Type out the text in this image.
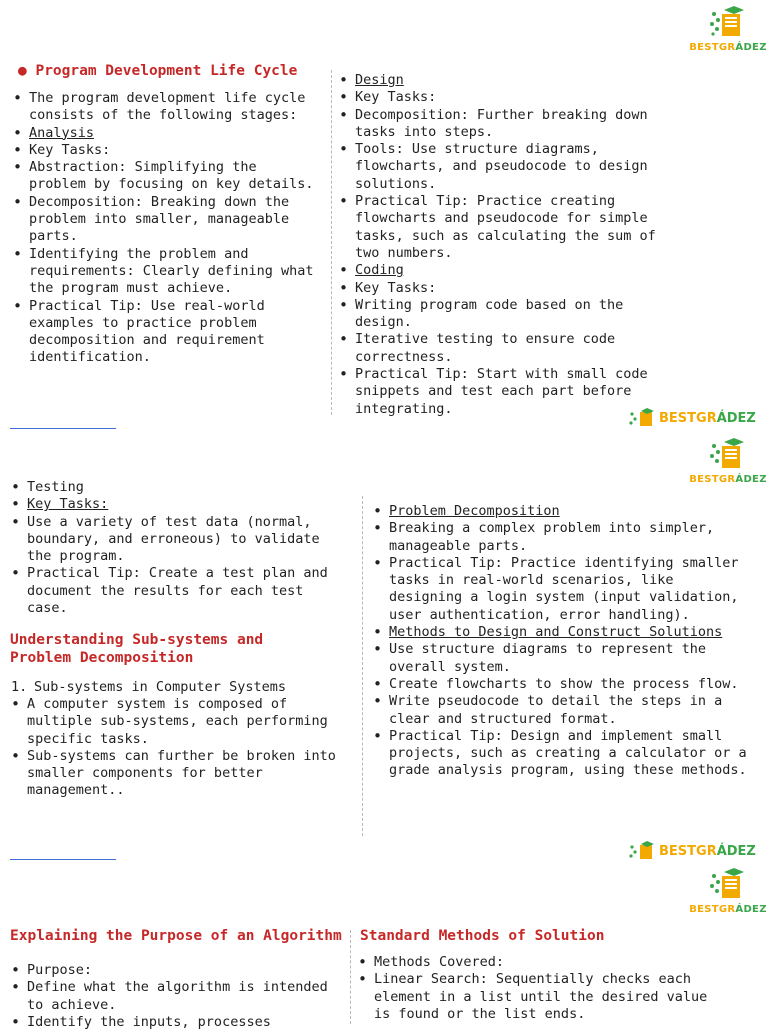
BESTGRÁDEZ
● Program Development Life Cycle
• The program development life cycle consists of the following stages:
• Analysis
• Key Tasks:
• Abstraction: Simplifying the problem by focusing on key details.
• Decomposition: Breaking down the problem into smaller, manageable parts.
• Identifying the problem and requirements: Clearly defining what the program must achieve.
• Practical Tip: Use real-world examples to practice problem decomposition and requirement identification.
• Design
• Key Tasks:
• Decomposition: Further breaking down tasks into steps.
• Tools: Use structure diagrams, flowcharts, and pseudocode to design solutions.
• Practical Tip: Practice creating flowcharts and pseudocode for simple tasks, such as calculating the sum of two numbers.
• Coding
• Key Tasks:
• Writing program code based on the design.
• Iterative testing to ensure code correctness.
• Practical Tip: Start with small code snippets and test each part before integrating.
BESTGRÁDEZ
BESTGRÁDEZ
• Testing
• Key Tasks:
• Use a variety of test data (normal, boundary, and erroneous) to validate the program.
• Practical Tip: Create a test plan and document the results for each test case.
Understanding Sub-systems and Problem Decomposition
1. Sub-systems in Computer Systems
• A computer system is composed of multiple sub-systems, each performing specific tasks.
• Sub-systems can further be broken into smaller components for better management..
• Problem Decomposition
• Breaking a complex problem into simpler, manageable parts.
• Practical Tip: Practice identifying smaller tasks in real-world scenarios, like designing a login system (input validation, user authentication, error handling).
• Methods to Design and Construct Solutions
• Use structure diagrams to represent the overall system.
• Create flowcharts to show the process flow.
• Write pseudocode to detail the steps in a clear and structured format.
• Practical Tip: Design and implement small projects, such as creating a calculator or a grade analysis program, using these methods.
BESTGRÁDEZ
BESTGRÁDEZ
Explaining the Purpose of an Algorithm	Standard Methods of Solution
• Purpose:
• Define what the algorithm is intended to achieve.
• Identify the inputs, processes
• Methods Covered:
• Linear Search: Sequentially checks each element in a list until the desired value is found or the list ends.
